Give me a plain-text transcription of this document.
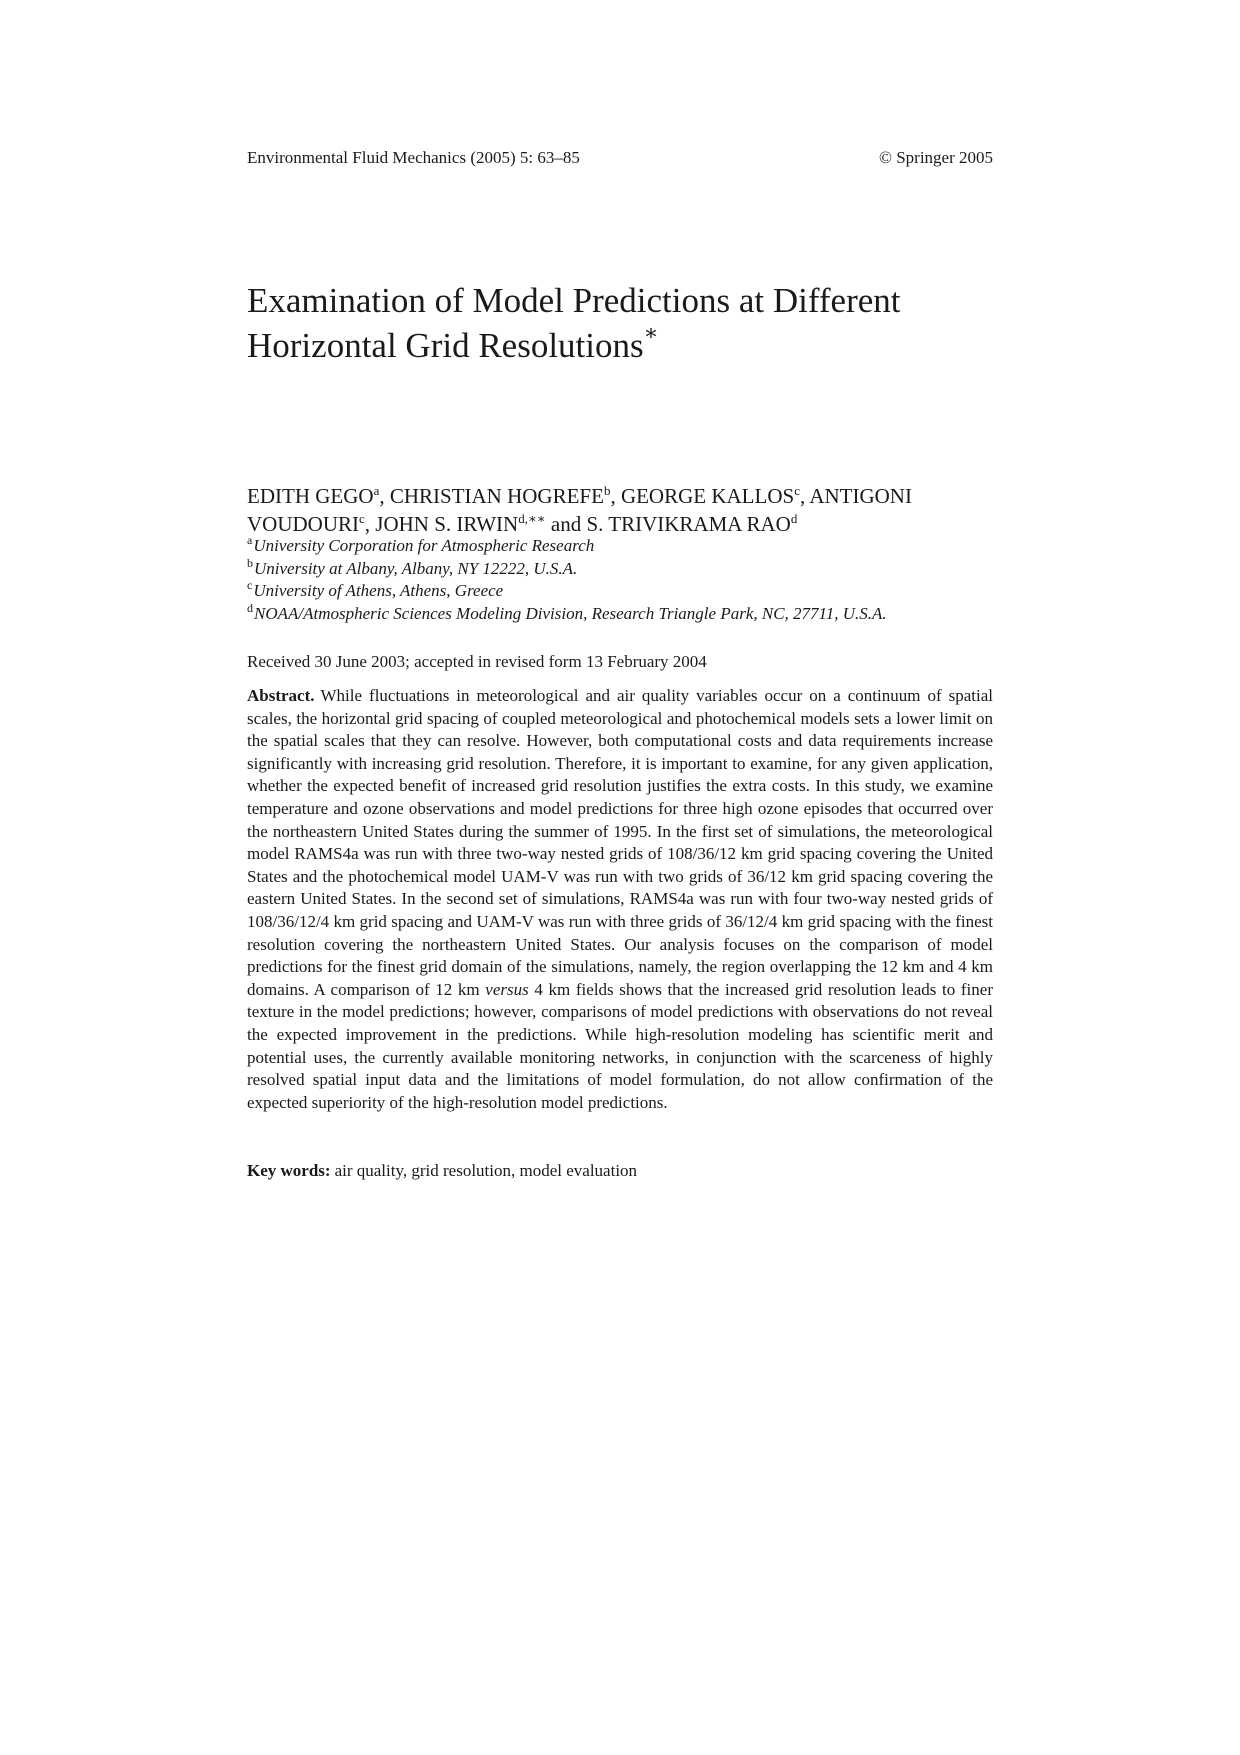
Environmental Fluid Mechanics (2005) 5: 63–85	© Springer 2005
Examination of Model Predictions at Different
Horizontal Grid Resolutions∗

EDITH GEGO$^a$, CHRISTIAN HOGREFE$^b$, GEORGE KALLOS$^c$, ANTIGONI VOUDOURI$^c$, JOHN S. $IRWIN^{d,∗∗}$ and S. TRIVIKRAMA RAO$^d$

$^a$University Corporation for Atmospheric Research
$^b$University at Albany, Albany, NY 12222, U.S.A.
$^c$University of Athens, Athens, Greece
$^d$NOAA/Atmospheric Sciences Modeling Division, Research Triangle Park, NC, 27711, U.S.A.

Received 30 June 2003; accepted in revised form 13 February 2004

Abstract. While fluctuations in meteorological and air quality variables occur on a continuum of spatial scales, the horizontal grid spacing of coupled meteorological and photochemical models sets a lower limit on the spatial scales that they can resolve. However, both computational costs and data requirements increase significantly with increasing grid resolution. Therefore, it is important to examine, for any given application, whether the expected benefit of increased grid resolution justifies the extra costs. In this study, we examine temperature and ozone observations and model predictions for three high ozone episodes that occurred over the northeastern United States during the summer of 1995. In the first set of simulations, the meteorological model RAMS4a was run with three two-way nested grids of 108/36/12 km grid spacing covering the United States and the photochemical model UAM-V was run with two grids of 36/12 km grid spacing covering the eastern United States. In the second set of simulations, RAMS4a was run with four two-way nested grids of 108/36/12/4 km grid spacing and UAM-V was run with three grids of 36/12/4 km grid spacing with the finest resolution covering the northeastern United States. Our analysis focuses on the comparison of model predictions for the finest grid domain of the simulations, namely, the region overlapping the 12 km and 4 km domains. A comparison of 12 km versus 4 km fields shows that the increased grid resolution leads to finer texture in the model predictions; however, comparisons of model predictions with observations do not reveal the expected improvement in the predictions. While high-resolution modeling has scientific merit and potential uses, the currently available monitoring networks, in conjunction with the scarceness of highly resolved spatial input data and the limitations of model formulation, do not allow confirmation of the expected superiority of the high-resolution model predictions.

Key words: air quality, grid resolution, model evaluation
